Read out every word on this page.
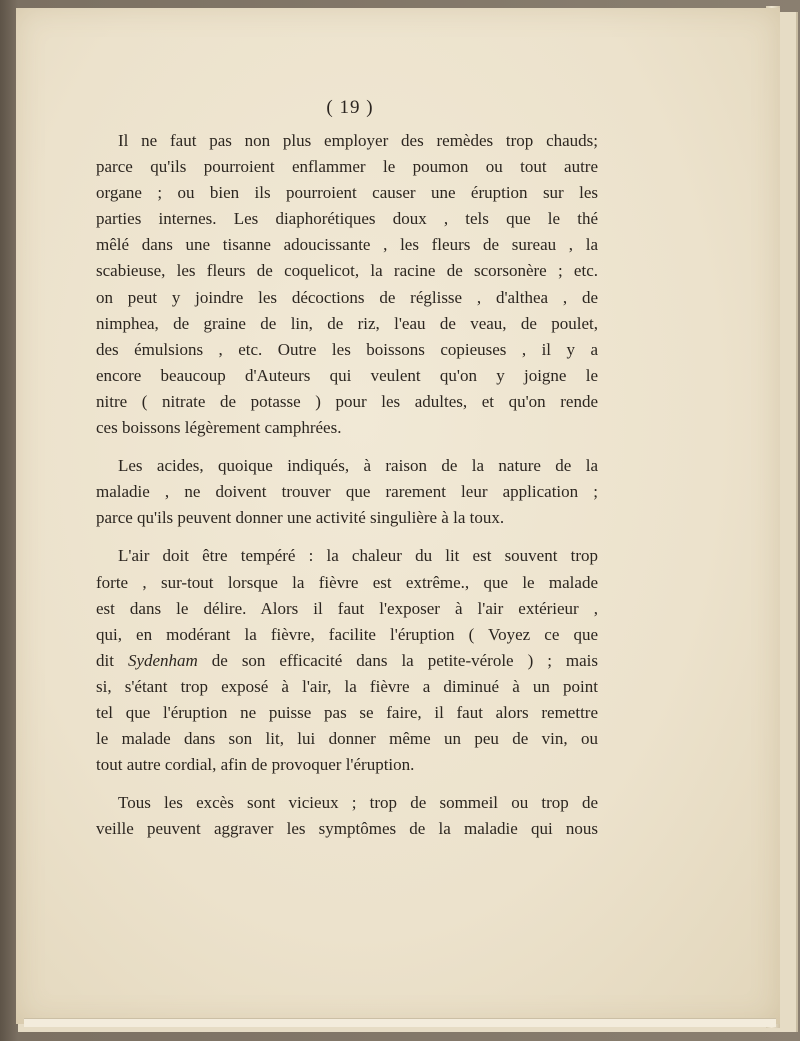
( 19 )

Il ne faut pas non plus employer des remèdes trop chauds;
parce qu'ils pourroient enflammer le poumon ou tout autre
organe ; ou bien ils pourroient causer une éruption sur les
parties internes. Les diaphorétiques doux , tels que le thé
mêlé dans une tisanne adoucissante , les fleurs de sureau , la
scabieuse, les fleurs de coquelicot, la racine de scorsonère ; etc.
on peut y joindre les décoctions de réglisse , d'althea , de
nimphea, de graine de lin, de riz, l'eau de veau, de poulet,
des émulsions , etc. Outre les boissons copieuses , il y a
encore beaucoup d'Auteurs qui veulent qu'on y joigne le
nitre ( nitrate de potasse ) pour les adultes, et qu'on rende
ces boissons légèrement camphrées.

Les acides, quoique indiqués, à raison de la nature de la
maladie , ne doivent trouver que rarement leur application ;
parce qu'ils peuvent donner une activité singulière à la toux.

L'air doit être tempéré : la chaleur du lit est souvent trop
forte , sur-tout lorsque la fièvre est extrême., que le malade
est dans le délire. Alors il faut l'exposer à l'air extérieur ,
qui, en modérant la fièvre, facilite l'éruption ( Voyez ce que
dit Sydenham de son efficacité dans la petite-vérole ) ; mais
si, s'étant trop exposé à l'air, la fièvre a diminué à un point
tel que l'éruption ne puisse pas se faire, il faut alors remettre
le malade dans son lit, lui donner même un peu de vin, ou
tout autre cordial, afin de provoquer l'éruption.

Tous les excès sont vicieux ; trop de sommeil ou trop de
veille peuvent aggraver les symptômes de la maladie qui nous
